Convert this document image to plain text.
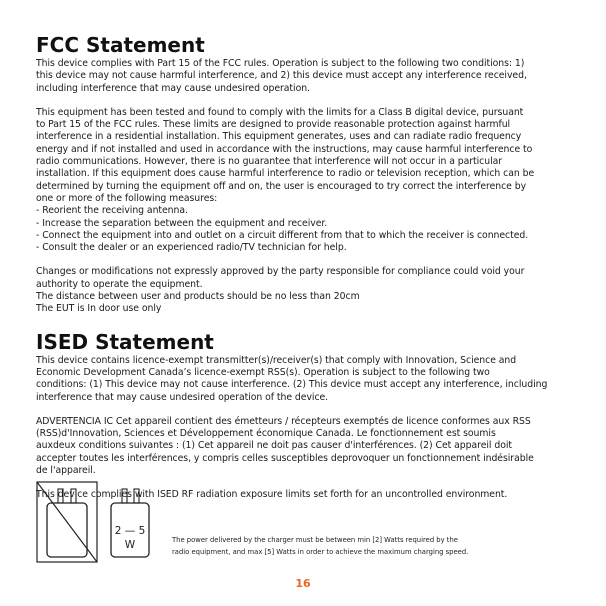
FCC Statement

This device complies with Part 15 of the FCC rules. Operation is subject to the following two conditions: 1)
this device may not cause harmful interference, and 2) this device must accept any interference received,
including interference that may cause undesired operation.

This equipment has been tested and found to comply with the limits for a Class B digital device, pursuant
to Part 15 of the FCC rules. These limits are designed to provide reasonable protection against harmful
interference in a residential installation. This equipment generates, uses and can radiate radio frequency
energy and if not installed and used in accordance with the instructions, may cause harmful interference to
radio communications. However, there is no guarantee that interference will not occur in a particular
installation. If this equipment does cause harmful interference to radio or television reception, which can be
determined by turning the equipment off and on, the user is encouraged to try correct the interference by
one or more of the following measures:
- Reorient the receiving antenna.
- Increase the separation between the equipment and receiver.
- Connect the equipment into and outlet on a circuit different from that to which the receiver is connected.
- Consult the dealer or an experienced radio/TV technician for help.

Changes or modifications not expressly approved by the party responsible for compliance could void your
authority to operate the equipment.
The distance between user and products should be no less than 20cm
The EUT is In door use only

ISED Statement

This device contains licence-exempt transmitter(s)/receiver(s) that comply with Innovation, Science and
Economic Development Canada’s licence-exempt RSS(s). Operation is subject to the following two
conditions: (1) This device may not cause interference. (2) This device must accept any interference, including
interference that may cause undesired operation of the device.

ADVERTENCIA IC Cet appareil contient des émetteurs / récepteurs exemptés de licence conformes aux RSS
(RSS)d'Innovation, Sciences et Développement économique Canada. Le fonctionnement est soumis
auxdeux conditions suivantes : (1) Cet appareil ne doit pas causer d'interférences. (2) Cet appareil doit
accepter toutes les interférences, y compris celles susceptibles deprovoquer un fonctionnement indésirable
de l'appareil.

This device complies with ISED RF radiation exposure limits set forth for an uncontrolled environment.

2 — 5
W	The power delivered by the charger must be between min [2] Watts required by the
radio equipment, and max [5] Watts in order to achieve the maximum charging speed.
16
